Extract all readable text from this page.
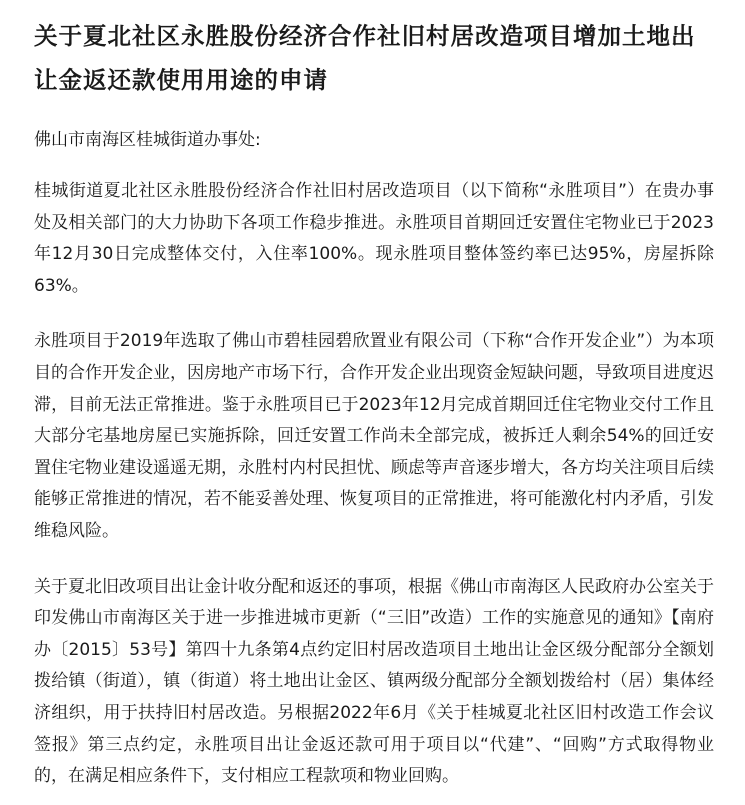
关于夏北社区永胜股份经济合作社旧村居改造项目增加土地出让金返还款使用用途的申请

佛山市南海区桂城街道办事处:

桂城街道夏北社区永胜股份经济合作社旧村居改造项目（以下简称“永胜项目”）在贵办事处及相关部门的大力协助下各项工作稳步推进。永胜项目首期回迁安置住宅物业已于2023年12月30日完成整体交付，入住率100%。现永胜项目整体签约率已达95%，房屋拆除63%。

永胜项目于2019年选取了佛山市碧桂园碧欣置业有限公司（下称“合作开发企业”）为本项目的合作开发企业，因房地产市场下行，合作开发企业出现资金短缺问题，导致项目进度迟滞，目前无法正常推进。鉴于永胜项目已于2023年12月完成首期回迁住宅物业交付工作且大部分宅基地房屋已实施拆除，回迁安置工作尚未全部完成，被拆迁人剩余54%的回迁安置住宅物业建设遥遥无期，永胜村内村民担忧、顾虑等声音逐步增大，各方均关注项目后续能够正常推进的情况，若不能妥善处理、恢复项目的正常推进，将可能激化村内矛盾，引发维稳风险。

关于夏北旧改项目出让金计收分配和返还的事项，根据《佛山市南海区人民政府办公室关于印发佛山市南海区关于进一步推进城市更新（“三旧”改造）工作的实施意见的通知》【南府办〔2015〕53号】第四十九条第4点约定旧村居改造项目土地出让金区级分配部分全额划拨给镇（街道），镇（街道）将土地出让金区、镇两级分配部分全额划拨给村（居）集体经济组织，用于扶持旧村居改造。另根据2022年6月《关于桂城夏北社区旧村改造工作会议签报》第三点约定，永胜项目出让金返还款可用于项目以“代建”、“回购”方式取得物业的，在满足相应条件下，支付相应工程款项和物业回购。
